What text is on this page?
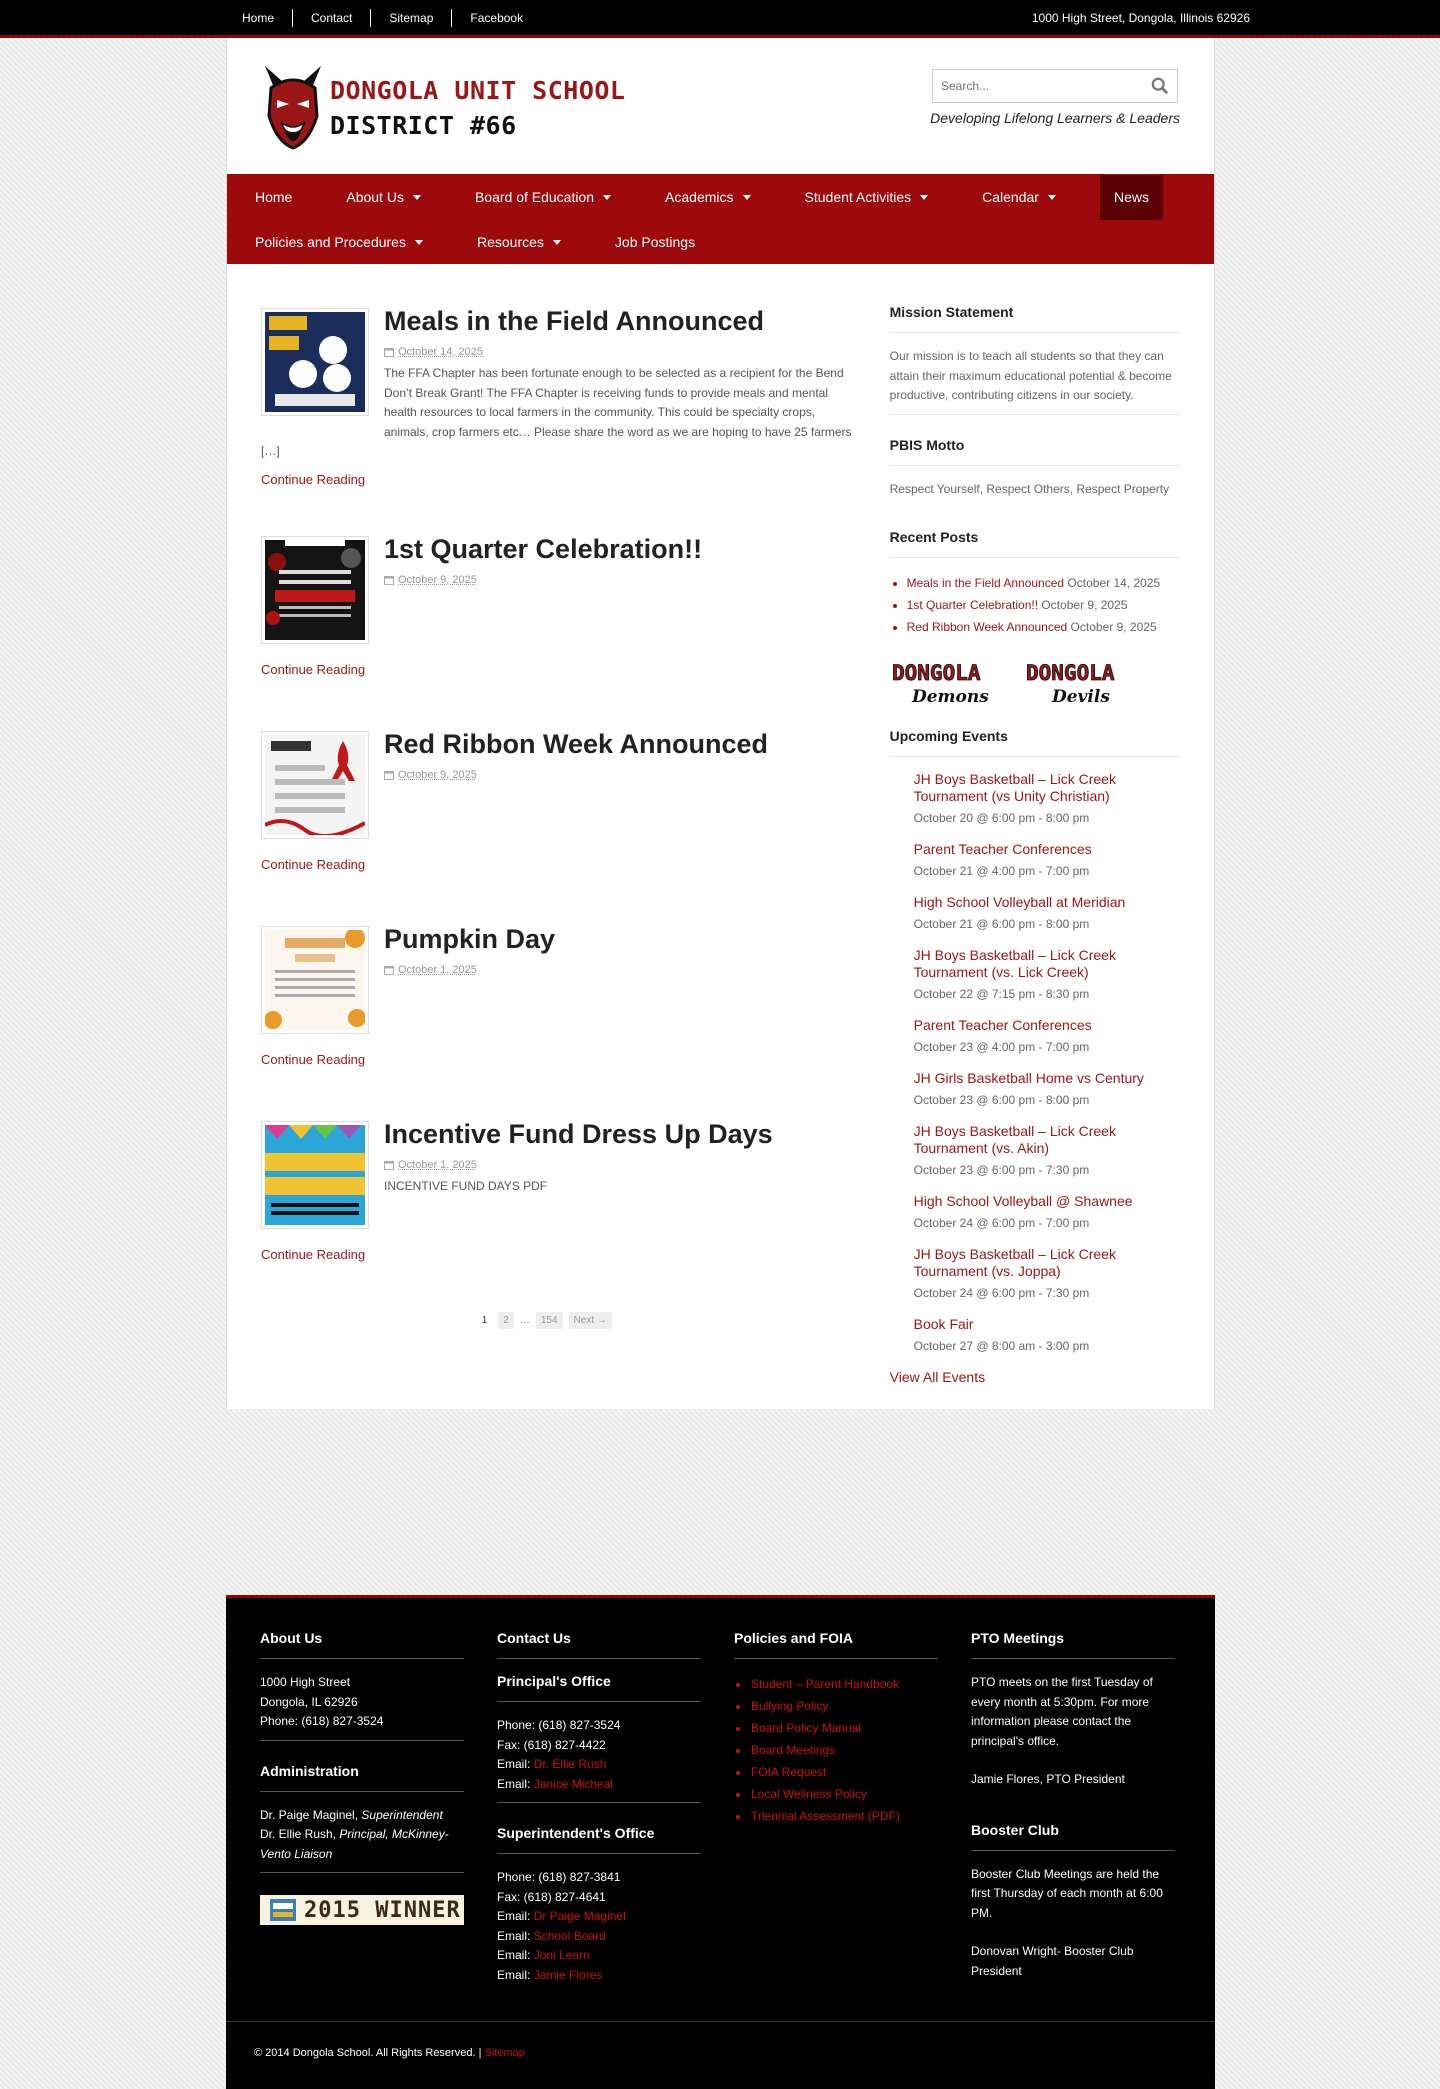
Home	Contact	Sitemap	Facebook	1000 High Street, Dongola, Illinois 62926
DONGOLA UNIT SCHOOL
DISTRICT #66
Search...	Developing Lifelong Learners & Leaders
Home	About Us	Board of Education	Academics	Student Activities	Calendar	News
Policies and Procedures	Resources	Job Postings
Meals in the Field Announced
October 14, 2025
The FFA Chapter has been fortunate enough to be selected as a recipient for the Bend Don’t Break Grant! The FFA Chapter is receiving funds to provide meals and mental health resources to local farmers in the community. This could be specialty crops, animals, crop farmers etc… Please share the word as we are hoping to have 25 farmers […]
Continue Reading
1st Quarter Celebration!!
October 9, 2025
Continue Reading
Red Ribbon Week Announced
October 9, 2025
Continue Reading
Pumpkin Day
October 1, 2025
Continue Reading
Incentive Fund Dress Up Days
October 1, 2025
INCENTIVE FUND DAYS PDF
Continue Reading
1	2	…	154	Next →
Mission Statement

Our mission is to teach all students so that they can attain their maximum educational potential & become productive, contributing citizens in our society.

PBIS Motto

Respect Yourself, Respect Others, Respect Property

Recent Posts
Meals in the Field Announced October 14, 2025
1st Quarter Celebration!! October 9, 2025
Red Ribbon Week Announced October 9, 2025
DONGOLA
Demons
DONGOLA
Devils
Upcoming Events
JH Boys Basketball – Lick Creek Tournament (vs Unity Christian)
October 20 @ 6:00 pm - 8:00 pm
Parent Teacher Conferences
October 21 @ 4:00 pm - 7:00 pm
High School Volleyball at Meridian
October 21 @ 6:00 pm - 8:00 pm
JH Boys Basketball – Lick Creek Tournament (vs. Lick Creek)
October 22 @ 7:15 pm - 8:30 pm
Parent Teacher Conferences
October 23 @ 4:00 pm - 7:00 pm
JH Girls Basketball Home vs Century
October 23 @ 6:00 pm - 8:00 pm
JH Boys Basketball – Lick Creek Tournament (vs. Akin)
October 23 @ 6:00 pm - 7:30 pm
High School Volleyball @ Shawnee
October 24 @ 6:00 pm - 7:00 pm
JH Boys Basketball – Lick Creek Tournament (vs. Joppa)
October 24 @ 6:00 pm - 7:30 pm
Book Fair
October 27 @ 8:00 am - 3:00 pm
View All Events
About Us

1000 High Street

Dongola, IL 62926

Phone: (618) 827-3524

Administration

Dr. Paige Maginel, Superintendent

Dr. Ellie Rush, Principal, McKinney-Vento Liaison

2015 WINNER
Contact Us
Principal's Office

Phone: (618) 827-3524

Fax: (618) 827-4422

Email: Dr. Ellie Rush

Email: Janice Micheal

Superintendent's Office

Phone: (618) 827-3841

Fax: (618) 827-4641

Email: Dr Paige Maginel

Email: School Board

Email: Joni Learn

Email: Jamie Flores

Policies and FOIA
Student – Parent Handbook
Bullying Policy
Board Policy Manual
Board Meetings
FOIA Request
Local Wellness Policy
Triennial Assessment (PDF)
PTO Meetings

PTO meets on the first Tuesday of every month at 5:30pm. For more information please contact the principal's office.

Jamie Flores, PTO President

Booster Club

Booster Club Meetings are held the first Thursday of each month at 6:00 PM.

Donovan Wright- Booster Club President

© 2014 Dongola School. All Rights Reserved. | Sitemap
